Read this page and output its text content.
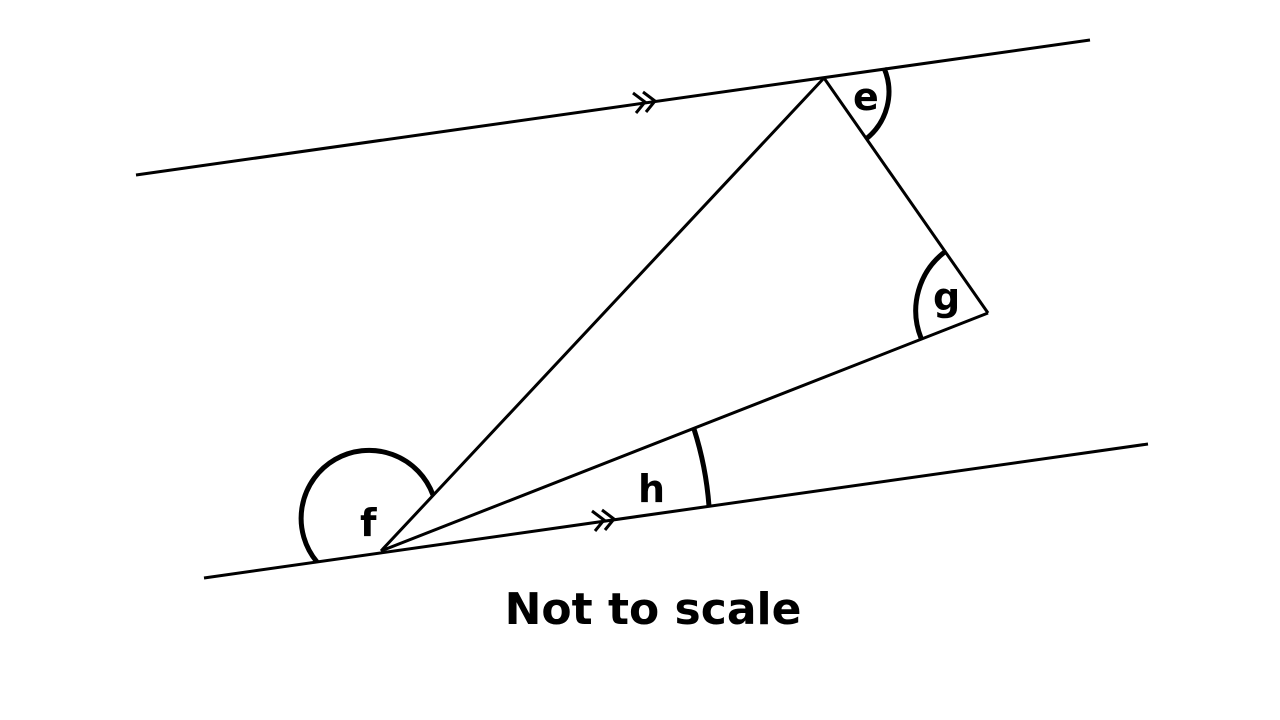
e
f
g
h

Not to scale
